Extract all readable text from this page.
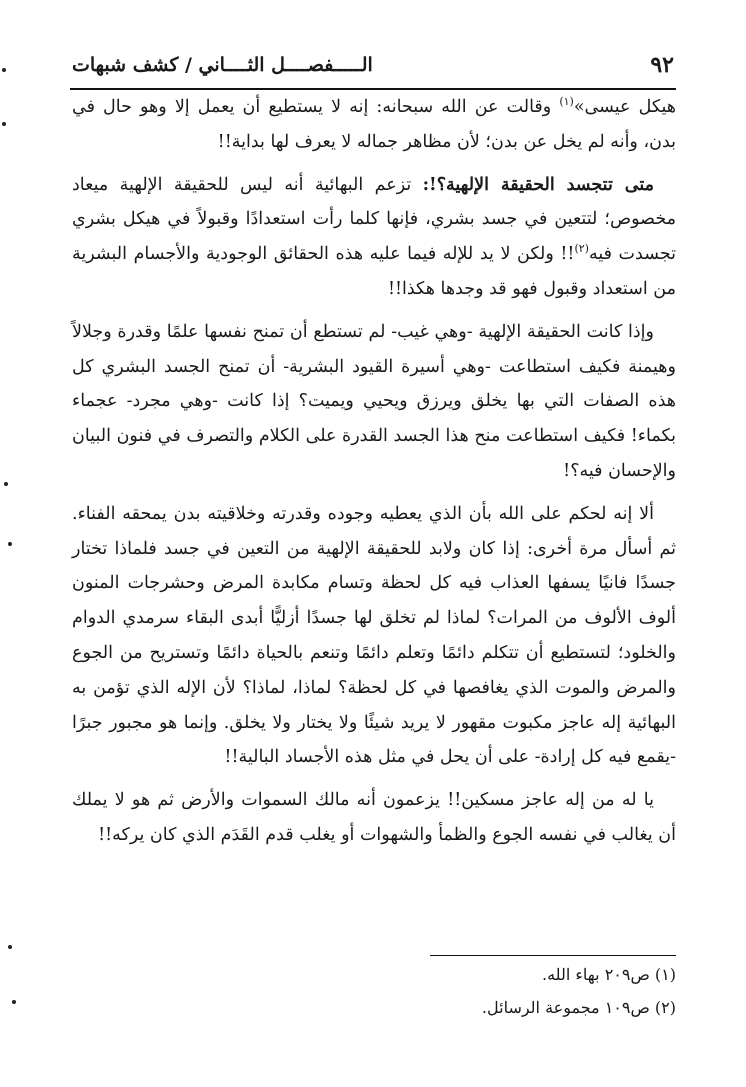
٩٢
الـــــفصــــل الثــــاني / كشف شبهات

هيكل عيسى»$^{(١)}$ وقالت عن الله سبحانه: إنه لا يستطيع أن يعمل إلا وهو حال في بدن، وأنه لم يخل عن بدن؛ لأن مظاهر جماله لا يعرف لها بداية!!

متى تتجسد الحقيقة الإلهية؟!: تزعم البهائية أنه ليس للحقيقة الإلهية ميعاد مخصوص؛ لتتعين في جسد بشري، فإنها كلما رأت استعدادًا وقبولاً في هيكل بشري تجسدت فيه$^{(٢)}$!! ولكن لا يد للإله فيما عليه هذه الحقائق الوجودية والأجسام البشرية من استعداد وقبول فهو قد وجدها هكذا!!

وإذا كانت الحقيقة الإلهية -وهي غيب- لم تستطع أن تمنح نفسها علمًا وقدرة وجلالاً وهيمنة فكيف استطاعت -وهي أسيرة القيود البشرية- أن تمنح الجسد البشري كل هذه الصفات التي بها يخلق ويرزق ويحيي ويميت؟ إذا كانت -وهي مجرد- عجماء بكماء! فكيف استطاعت منح هذا الجسد القدرة على الكلام والتصرف في فنون البيان والإحسان فيه؟!

ألا إنه لحكم على الله بأن الذي يعطيه وجوده وقدرته وخلاقيته بدن يمحقه الفناء. ثم أسأل مرة أخرى: إذا كان ولابد للحقيقة الإلهية من التعين في جسد فلماذا تختار جسدًا فانيًا يسفها العذاب فيه كل لحظة وتسام مكابدة المرض وحشرجات المنون ألوف الألوف من المرات؟ لماذا لم تخلق لها جسدًا أزليًّا أبدى البقاء سرمدي الدوام والخلود؛ لتستطيع أن تتكلم دائمًا وتعلم دائمًا وتنعم بالحياة دائمًا وتستريح من الجوع والمرض والموت الذي يغافصها في كل لحظة؟ لماذا، لماذا؟ لأن الإله الذي تؤمن به البهائية إله عاجز مكبوت مقهور لا يريد شيئًا ولا يختار ولا يخلق. وإنما هو مجبور جبرًا -يقمع فيه كل إرادة- على أن يحل في مثل هذه الأجساد البالية!!

يا له من إله عاجز مسكين!! يزعمون أنه مالك السموات والأرض ثم هو لا يملك أن يغالب في نفسه الجوع والظمأ والشهوات أو يغلب قدم القَدَم الذي كان يركه!!

(١) ص٢٠٩ بهاء الله.
(٢) ص١٠٩ مجموعة الرسائل.
